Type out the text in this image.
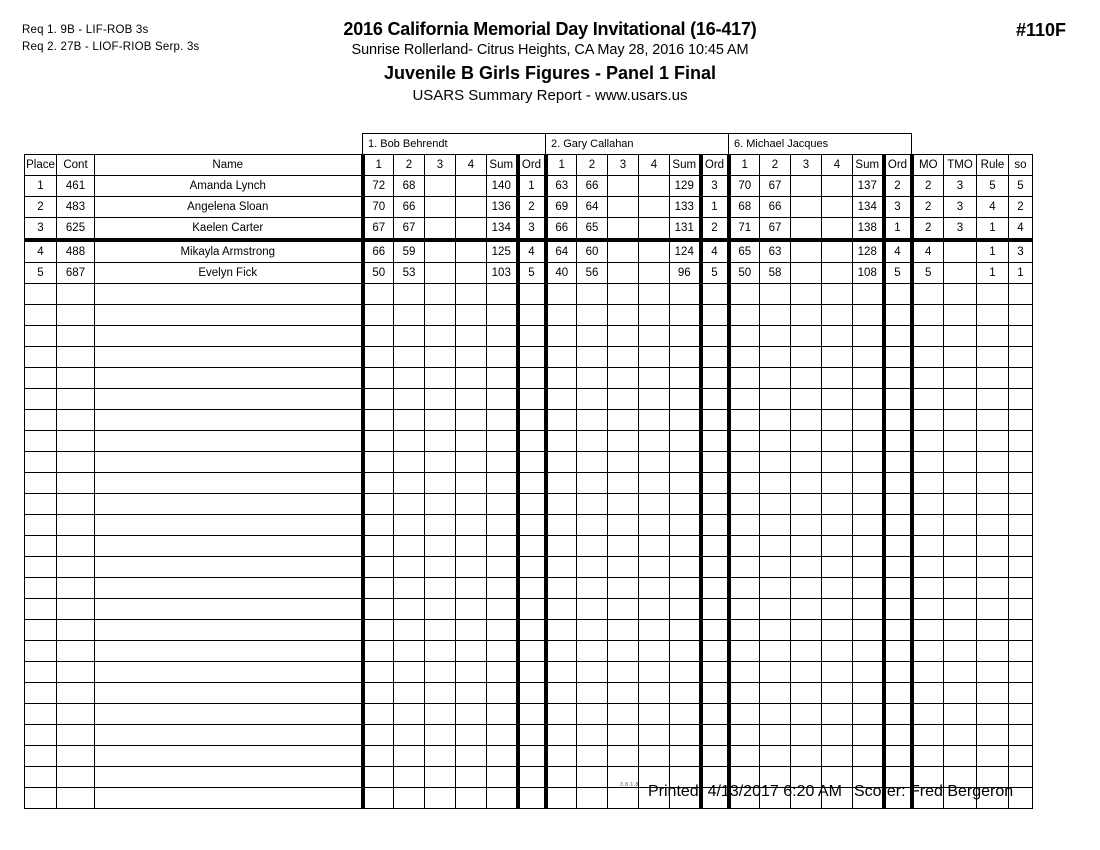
Req 1. 9B - LIF-ROB 3s
Req 2. 27B - LIOF-RIOB Serp. 3s
2016 California Memorial Day Invitational (16-417)
Sunrise Rollerland- Citrus Heights, CA May 28, 2016 10:45 AM
Juvenile B Girls Figures - Panel 1 Final
USARS Summary Report - www.usars.us
#110F
			1. Bob Behrendt						2. Gary Callahan						6. Michael Jacques									
Place	Cont	Name	1	2	3	4	Sum	Ord	1	2	3	4	Sum	Ord	1	2	3	4	Sum	Ord	MO	TMO	Rule	so
1	461	Amanda Lynch	72	68			140	1	63	66			129	3	70	67			137	2	2	3	5	5
2	483	Angelena Sloan	70	66			136	2	69	64			133	1	68	66			134	3	2	3	4	2
3	625	Kaelen Carter	67	67			134	3	66	65			131	2	71	67			138	1	2	3	1	4
4	488	Mikayla Armstrong	66	59			125	4	64	60			124	4	65	63			128	4	4		1	3
5	687	Evelyn Fick	50	53			103	5	40	56			96	5	50	58			108	5	5		1	1

3.8.1.8 Printed: 4/13/2017 6:20 AM Scorer: Fred Bergeron
